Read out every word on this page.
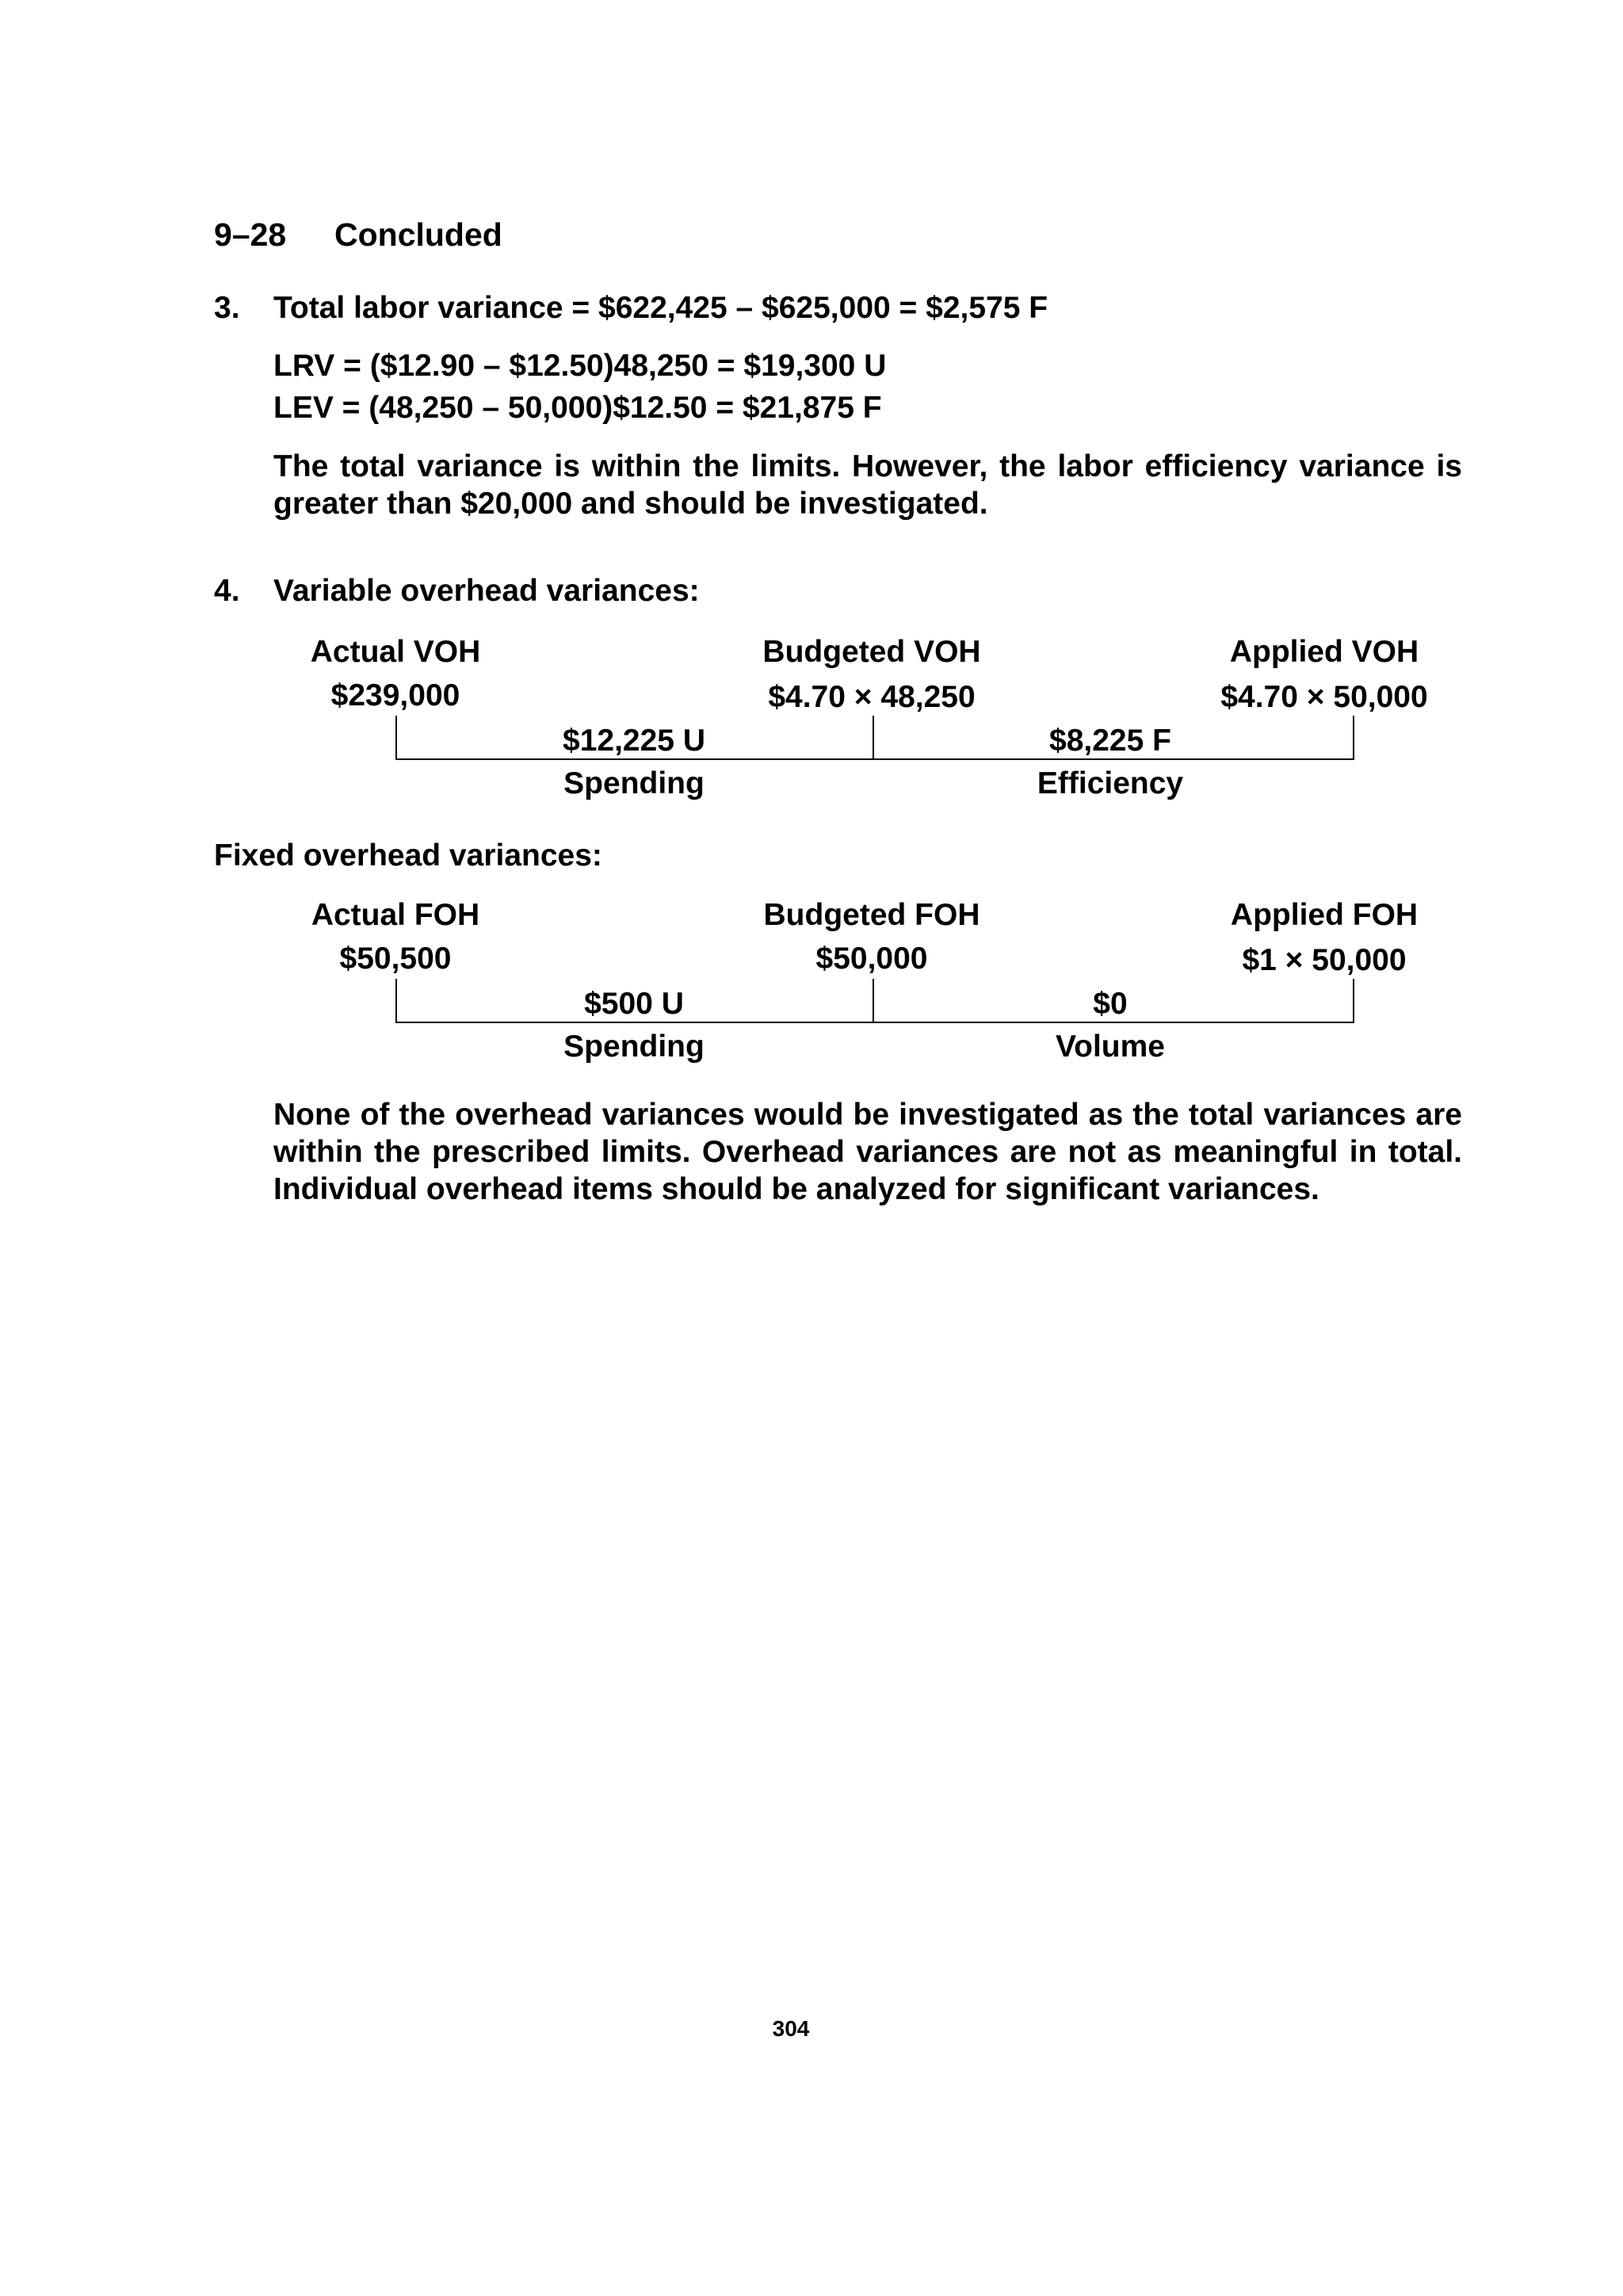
9–28 Concluded
3. Total labor variance = $622,425 – $625,000 = $2,575 F
LRV = ($12.90 – $12.50)48,250 = $19,300 U
LEV = (48,250 – 50,000)$12.50 = $21,875 F
The total variance is within the limits. However, the labor efficiency variance is greater than $20,000 and should be investigated.
4. Variable overhead variances:
Actual VOH	Budgeted VOH	Applied VOH
$239,000	$4.70 × 48,250	$4.70 × 50,000
$12,225 U	$8,225 F
Spending	Efficiency
Fixed overhead variances:
Actual FOH	Budgeted FOH	Applied FOH
$50,500	$50,000	$1 × 50,000
$500 U	$0
Spending	Volume
None of the overhead variances would be investigated as the total variances are within the prescribed limits. Overhead variances are not as meaningful in total. Individual overhead items should be analyzed for significant variances.
304
